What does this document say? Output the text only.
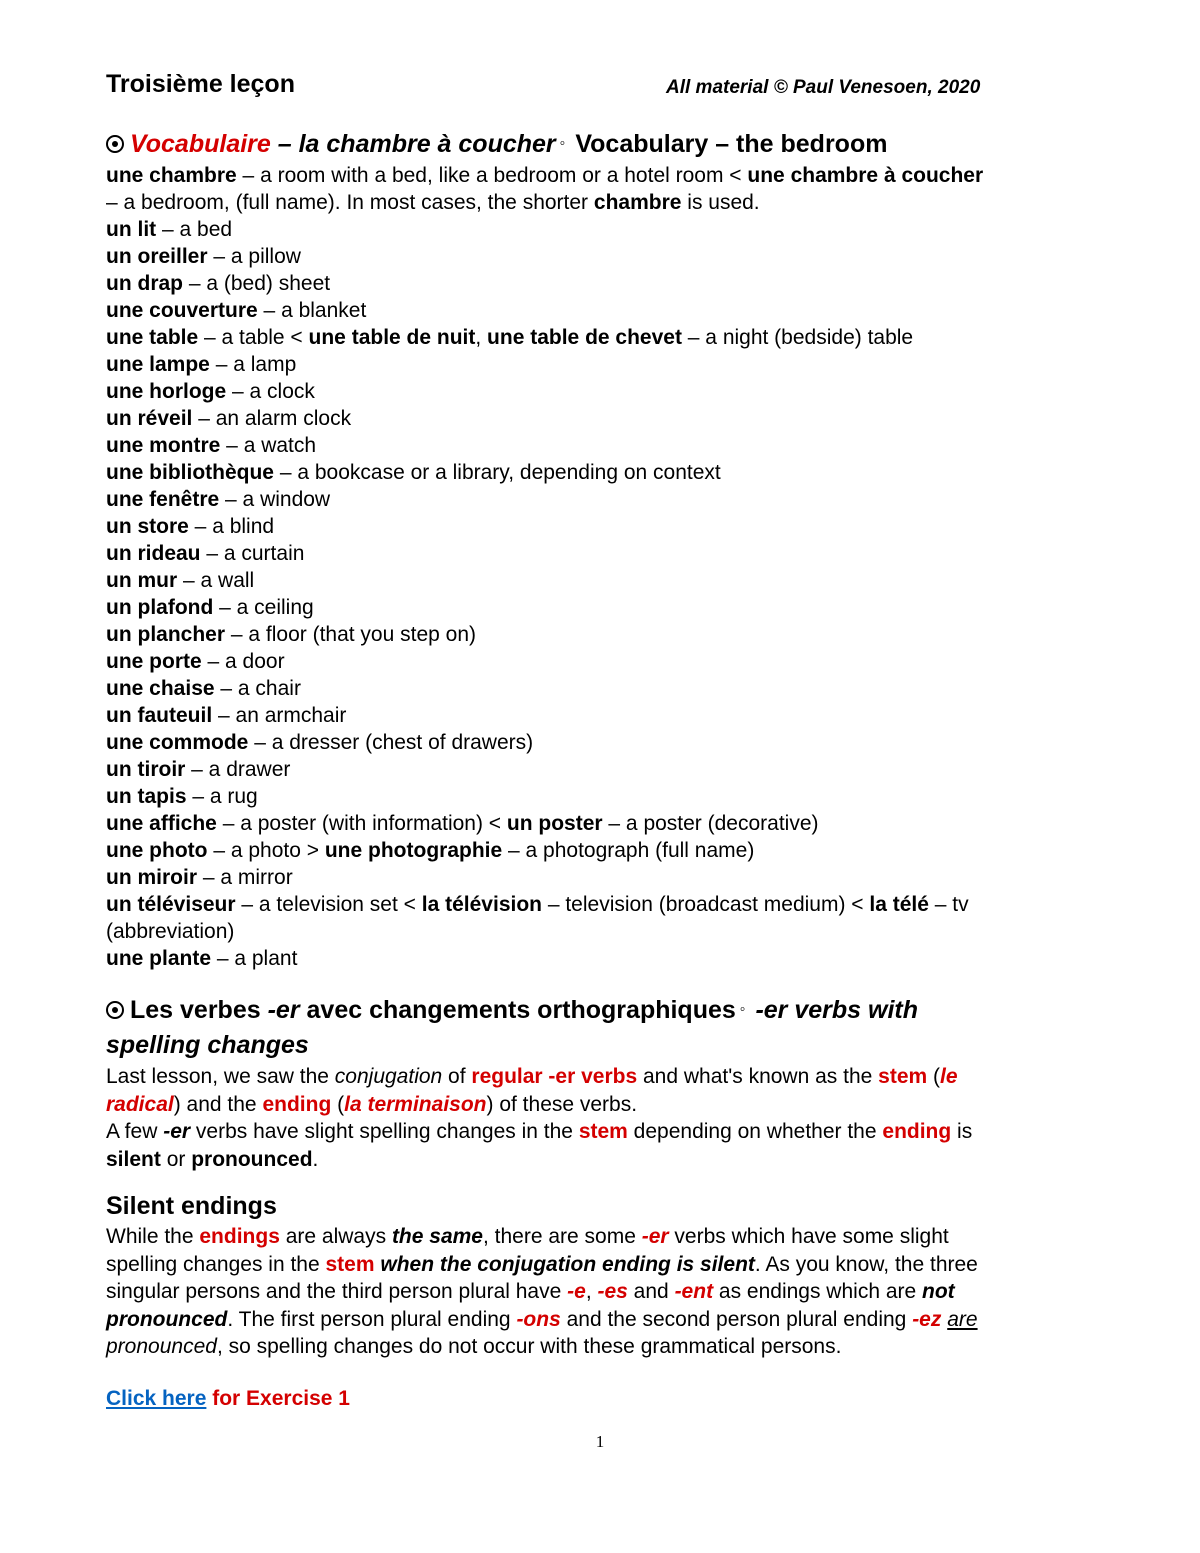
Troisième leçon	All material © Paul Venesoen, 2020
Vocabulaire – la chambre à coucher ◦ Vocabulary – the bedroom
une chambre – a room with a bed, like a bedroom or a hotel room < une chambre à coucher
– a bedroom, (full name). In most cases, the shorter chambre is used.
un lit – a bed
un oreiller – a pillow
un drap – a (bed) sheet
une couverture – a blanket
une table – a table < une table de nuit, une table de chevet – a night (bedside) table
une lampe – a lamp
une horloge – a clock
un réveil – an alarm clock
une montre – a watch
une bibliothèque – a bookcase or a library, depending on context
une fenêtre – a window
un store – a blind
un rideau – a curtain
un mur – a wall
un plafond – a ceiling
un plancher – a floor (that you step on)
une porte – a door
une chaise – a chair
un fauteuil – an armchair
une commode – a dresser (chest of drawers)
un tiroir – a drawer
un tapis – a rug
une affiche – a poster (with information) < un poster – a poster (decorative)
une photo – a photo > une photographie – a photograph (full name)
un miroir – a mirror
un téléviseur – a television set < la télévision – television (broadcast medium) < la télé – tv (abbreviation)
une plante – a plant
Les verbes -er avec changements orthographiques ◦ -er verbs with
spelling changes
Last lesson, we saw the conjugation of regular -er verbs and what's known as the stem (le
radical) and the ending (la terminaison) of these verbs.
A few -er verbs have slight spelling changes in the stem depending on whether the ending is
silent or pronounced.
Silent endings
While the endings are always the same, there are some -er verbs which have some slight
spelling changes in the stem when the conjugation ending is silent. As you know, the three
singular persons and the third person plural have -e, -es and -ent as endings which are not
pronounced. The first person plural ending -ons and the second person plural ending -ez are
pronounced, so spelling changes do not occur with these grammatical persons.
Click here for Exercise 1
1
